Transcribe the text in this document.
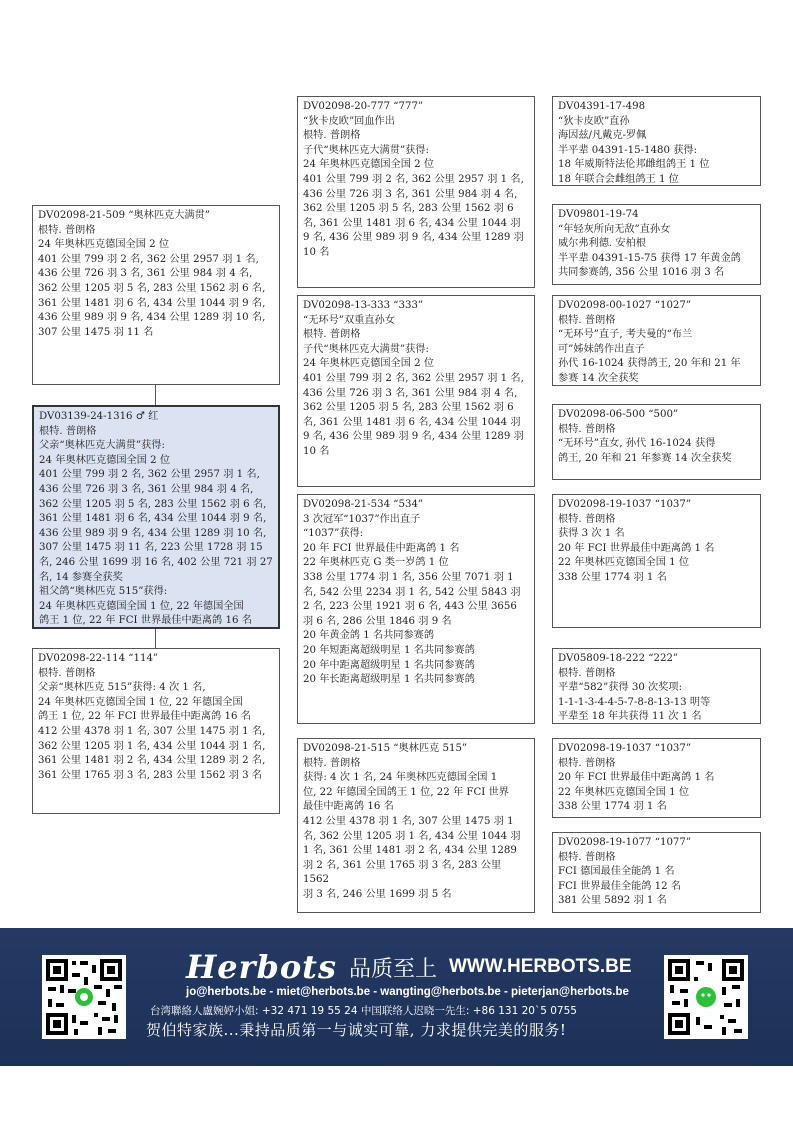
DV02098-21-509 “奥林匹克大满贯”
根特. 普朗格
24 年奥林匹克德国全国 2 位
401 公里 799 羽 2 名, 362 公里 2957 羽 1 名,
436 公里 726 羽 3 名, 361 公里 984 羽 4 名,
362 公里 1205 羽 5 名, 283 公里 1562 羽 6 名,
361 公里 1481 羽 6 名, 434 公里 1044 羽 9 名,
436 公里 989 羽 9 名, 434 公里 1289 羽 10 名,
307 公里 1475 羽 11 名
DV03139-24-1316 ♂ 红
根特. 普朗格
父亲“奥林匹克大满贯”获得:
24 年奥林匹克德国全国 2 位
401 公里 799 羽 2 名, 362 公里 2957 羽 1 名,
436 公里 726 羽 3 名, 361 公里 984 羽 4 名,
362 公里 1205 羽 5 名, 283 公里 1562 羽 6 名,
361 公里 1481 羽 6 名, 434 公里 1044 羽 9 名,
436 公里 989 羽 9 名, 434 公里 1289 羽 10 名,
307 公里 1475 羽 11 名, 223 公里 1728 羽 15
名, 246 公里 1699 羽 16 名, 402 公里 721 羽 27
名, 14 参赛全获奖
祖父鸽“奥林匹克 515”获得:
24 年奥林匹克德国全国 1 位, 22 年德国全国
鸽王 1 位, 22 年 FCI 世界最佳中距离鸽 16 名
DV02098-22-114 “114”
根特. 普朗格
父亲“奥林匹克 515”获得: 4 次 1 名,
24 年奥林匹克德国全国 1 位, 22 年德国全国
鸽王 1 位, 22 年 FCI 世界最佳中距离鸽 16 名
412 公里 4378 羽 1 名, 307 公里 1475 羽 1 名,
362 公里 1205 羽 1 名, 434 公里 1044 羽 1 名,
361 公里 1481 羽 2 名, 434 公里 1289 羽 2 名,
361 公里 1765 羽 3 名, 283 公里 1562 羽 3 名
DV02098-20-777 “777”
“狄卡皮欧”回血作出
根特. 普朗格
子代“奥林匹克大满贯”获得:
24 年奥林匹克德国全国 2 位
401 公里 799 羽 2 名, 362 公里 2957 羽 1 名,
436 公里 726 羽 3 名, 361 公里 984 羽 4 名,
362 公里 1205 羽 5 名, 283 公里 1562 羽 6
名, 361 公里 1481 羽 6 名, 434 公里 1044 羽
9 名, 436 公里 989 羽 9 名, 434 公里 1289 羽
10 名
DV02098-13-333 “333”
“无环号”双重直孙女
根特. 普朗格
子代“奥林匹克大满贯”获得:
24 年奥林匹克德国全国 2 位
401 公里 799 羽 2 名, 362 公里 2957 羽 1 名,
436 公里 726 羽 3 名, 361 公里 984 羽 4 名,
362 公里 1205 羽 5 名, 283 公里 1562 羽 6
名, 361 公里 1481 羽 6 名, 434 公里 1044 羽
9 名, 436 公里 989 羽 9 名, 434 公里 1289 羽
10 名
DV02098-21-534 “534”
3 次冠军“1037”作出直子
“1037”获得:
20 年 FCI 世界最佳中距离鸽 1 名
22 年奥林匹克 G 类一岁鸽 1 位
338 公里 1774 羽 1 名, 356 公里 7071 羽 1
名, 542 公里 2234 羽 1 名, 542 公里 5843 羽
2 名, 223 公里 1921 羽 6 名, 443 公里 3656
羽 6 名, 286 公里 1846 羽 9 名
20 年黄金鸽 1 名共同参赛鸽
20 年短距离超级明星 1 名共同参赛鸽
20 年中距离超级明星 1 名共同参赛鸽
20 年长距离超级明星 1 名共同参赛鸽
DV02098-21-515 “奥林匹克 515”
根特. 普朗格
获得: 4 次 1 名, 24 年奥林匹克德国全国 1
位, 22 年德国全国鸽王 1 位, 22 年 FCI 世界
最佳中距离鸽 16 名
412 公里 4378 羽 1 名, 307 公里 1475 羽 1
名, 362 公里 1205 羽 1 名, 434 公里 1044 羽
1 名, 361 公里 1481 羽 2 名, 434 公里 1289
羽 2 名, 361 公里 1765 羽 3 名, 283 公里 1562
羽 3 名, 246 公里 1699 羽 5 名
DV04391-17-498
“狄卡皮欧”直孙
海因兹/凡戴克-罗佩
半平辈 04391-15-1480 获得:
18 年威斯特法伦邦雌组鸽王 1 位
18 年联合会雌组鸽王 1 位
DV09801-19-74
“年轻灰所向无敌”直孙女
威尔弗利德. 安柏根
半平辈 04391-15-75 获得 17 年黄金鸽
共同参赛鸽, 356 公里 1016 羽 3 名
DV02098-00-1027 “1027”
根特. 普朗格
“无环号”直子, 考夫曼的“布兰
可”姊妹鸽作出直子
孙代 16-1024 获得鸽王, 20 年和 21 年
参赛 14 次全获奖
DV02098-06-500 “500”
根特. 普朗格
“无环号”直女, 孙代 16-1024 获得
鸽王, 20 年和 21 年参赛 14 次全获奖
DV02098-19-1037 “1037”
根特. 普朗格
获得 3 次 1 名
20 年 FCI 世界最佳中距离鸽 1 名
22 年奥林匹克德国全国 1 位
338 公里 1774 羽 1 名
DV05809-18-222 “222”
根特. 普朗格
平辈“582”获得 30 次奖项:
1-1-1-3-4-4-5-7-8-8-13-13 明等
平辈至 18 年共获得 11 次 1 名
DV02098-19-1037 “1037”
根特. 普朗格
20 年 FCI 世界最佳中距离鸽 1 名
22 年奥林匹克德国全国 1 位
338 公里 1774 羽 1 名
DV02098-19-1077 “1077”
根特. 普朗格
FCI 德国最佳全能鸽 1 名
FCI 世界最佳全能鸽 12 名
381 公里 5892 羽 1 名
Herbots 品质至上 WWW.HERBOTS.BE
jo@herbots.be - miet@herbots.be - wangting@herbots.be - pieterjan@herbots.be
台湾聯絡人盧婉婷小姐: +32 471 19 55 24 中国联络人迟晓一先生: +86 131 20`5 0755
贺伯特家族...秉持品质第一与诚实可靠, 力求提供完美的服务!
